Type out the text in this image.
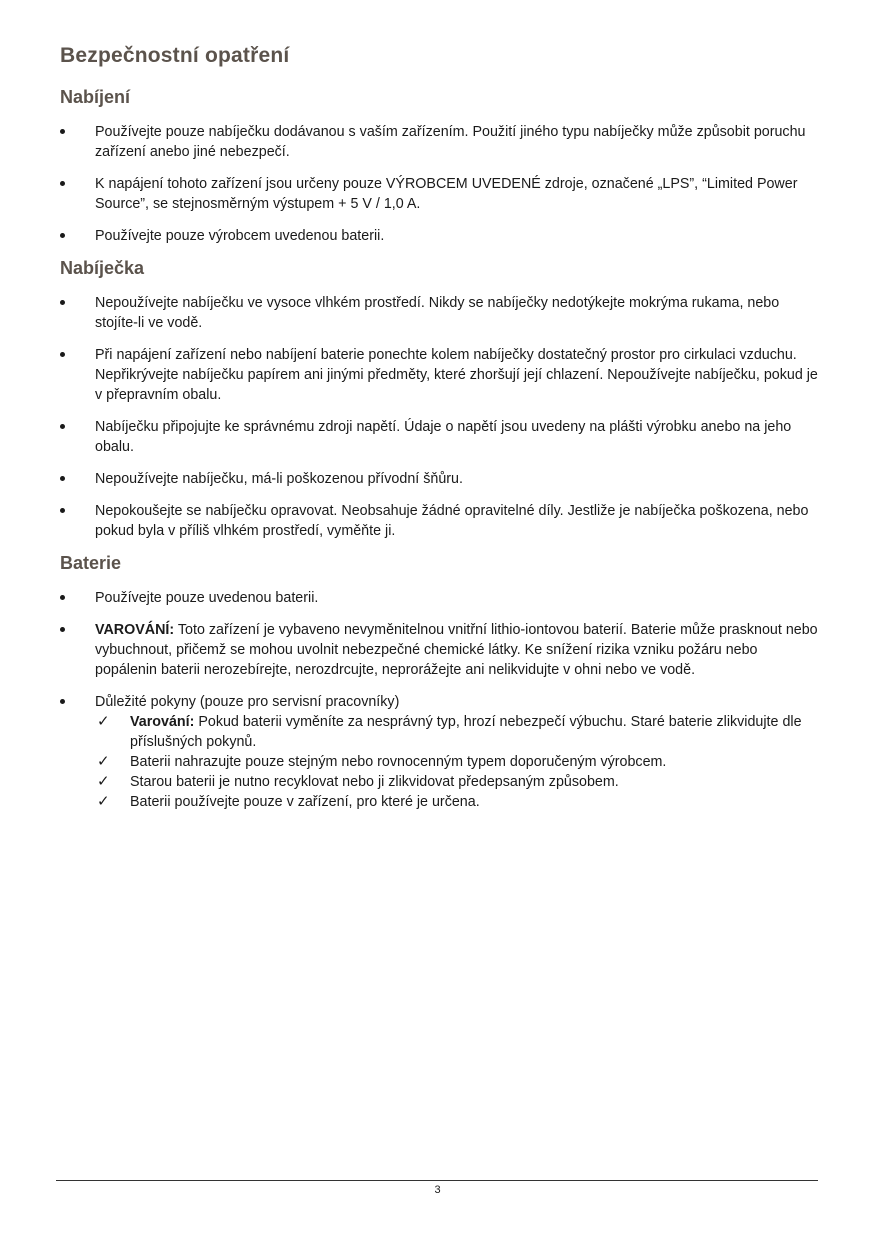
Bezpečnostní opatření
Nabíjení
Používejte pouze nabíječku dodávanou s vaším zařízením. Použití jiného typu nabíječky může způsobit poruchu zařízení anebo jiné nebezpečí.
K napájení tohoto zařízení jsou určeny pouze VÝROBCEM UVEDENÉ zdroje, označené „LPS”, “Limited Power Source”, se stejnosměrným výstupem + 5 V / 1,0 A.
Používejte pouze výrobcem uvedenou baterii.
Nabíječka
Nepoužívejte nabíječku ve vysoce vlhkém prostředí. Nikdy se nabíječky nedotýkejte mokrýma rukama, nebo stojíte-li ve vodě.
Při napájení zařízení nebo nabíjení baterie ponechte kolem nabíječky dostatečný prostor pro cirkulaci vzduchu. Nepřikrývejte nabíječku papírem ani jinými předměty, které zhoršují její chlazení. Nepoužívejte nabíječku, pokud je v přepravním obalu.
Nabíječku připojujte ke správnému zdroji napětí. Údaje o napětí jsou uvedeny na plášti výrobku anebo na jeho obalu.
Nepoužívejte nabíječku, má-li poškozenou přívodní šňůru.
Nepokoušejte se nabíječku opravovat. Neobsahuje žádné opravitelné díly. Jestliže je nabíječka poškozena, nebo pokud byla v příliš vlhkém prostředí, vyměňte ji.
Baterie
Používejte pouze uvedenou baterii.
VAROVÁNÍ: Toto zařízení je vybaveno nevyměnitelnou vnitřní lithio-iontovou baterií. Baterie může prasknout nebo vybuchnout, přičemž se mohou uvolnit nebezpečné chemické látky. Ke snížení rizika vzniku požáru nebo popálenin baterii nerozebírejte, nerozdrcujte, neprorážejte ani nelikvidujte v ohni nebo ve vodě.
Důležité pokyny (pouze pro servisní pracovníky)
✓ Varování: Pokud baterii vyměníte za nesprávný typ, hrozí nebezpečí výbuchu. Staré baterie zlikvidujte dle příslušných pokynů.
✓ Baterii nahrazujte pouze stejným nebo rovnocenným typem doporučeným výrobcem.
✓ Starou baterii je nutno recyklovat nebo ji zlikvidovat předepsaným způsobem.
✓ Baterii používejte pouze v zařízení, pro které je určena.
3
